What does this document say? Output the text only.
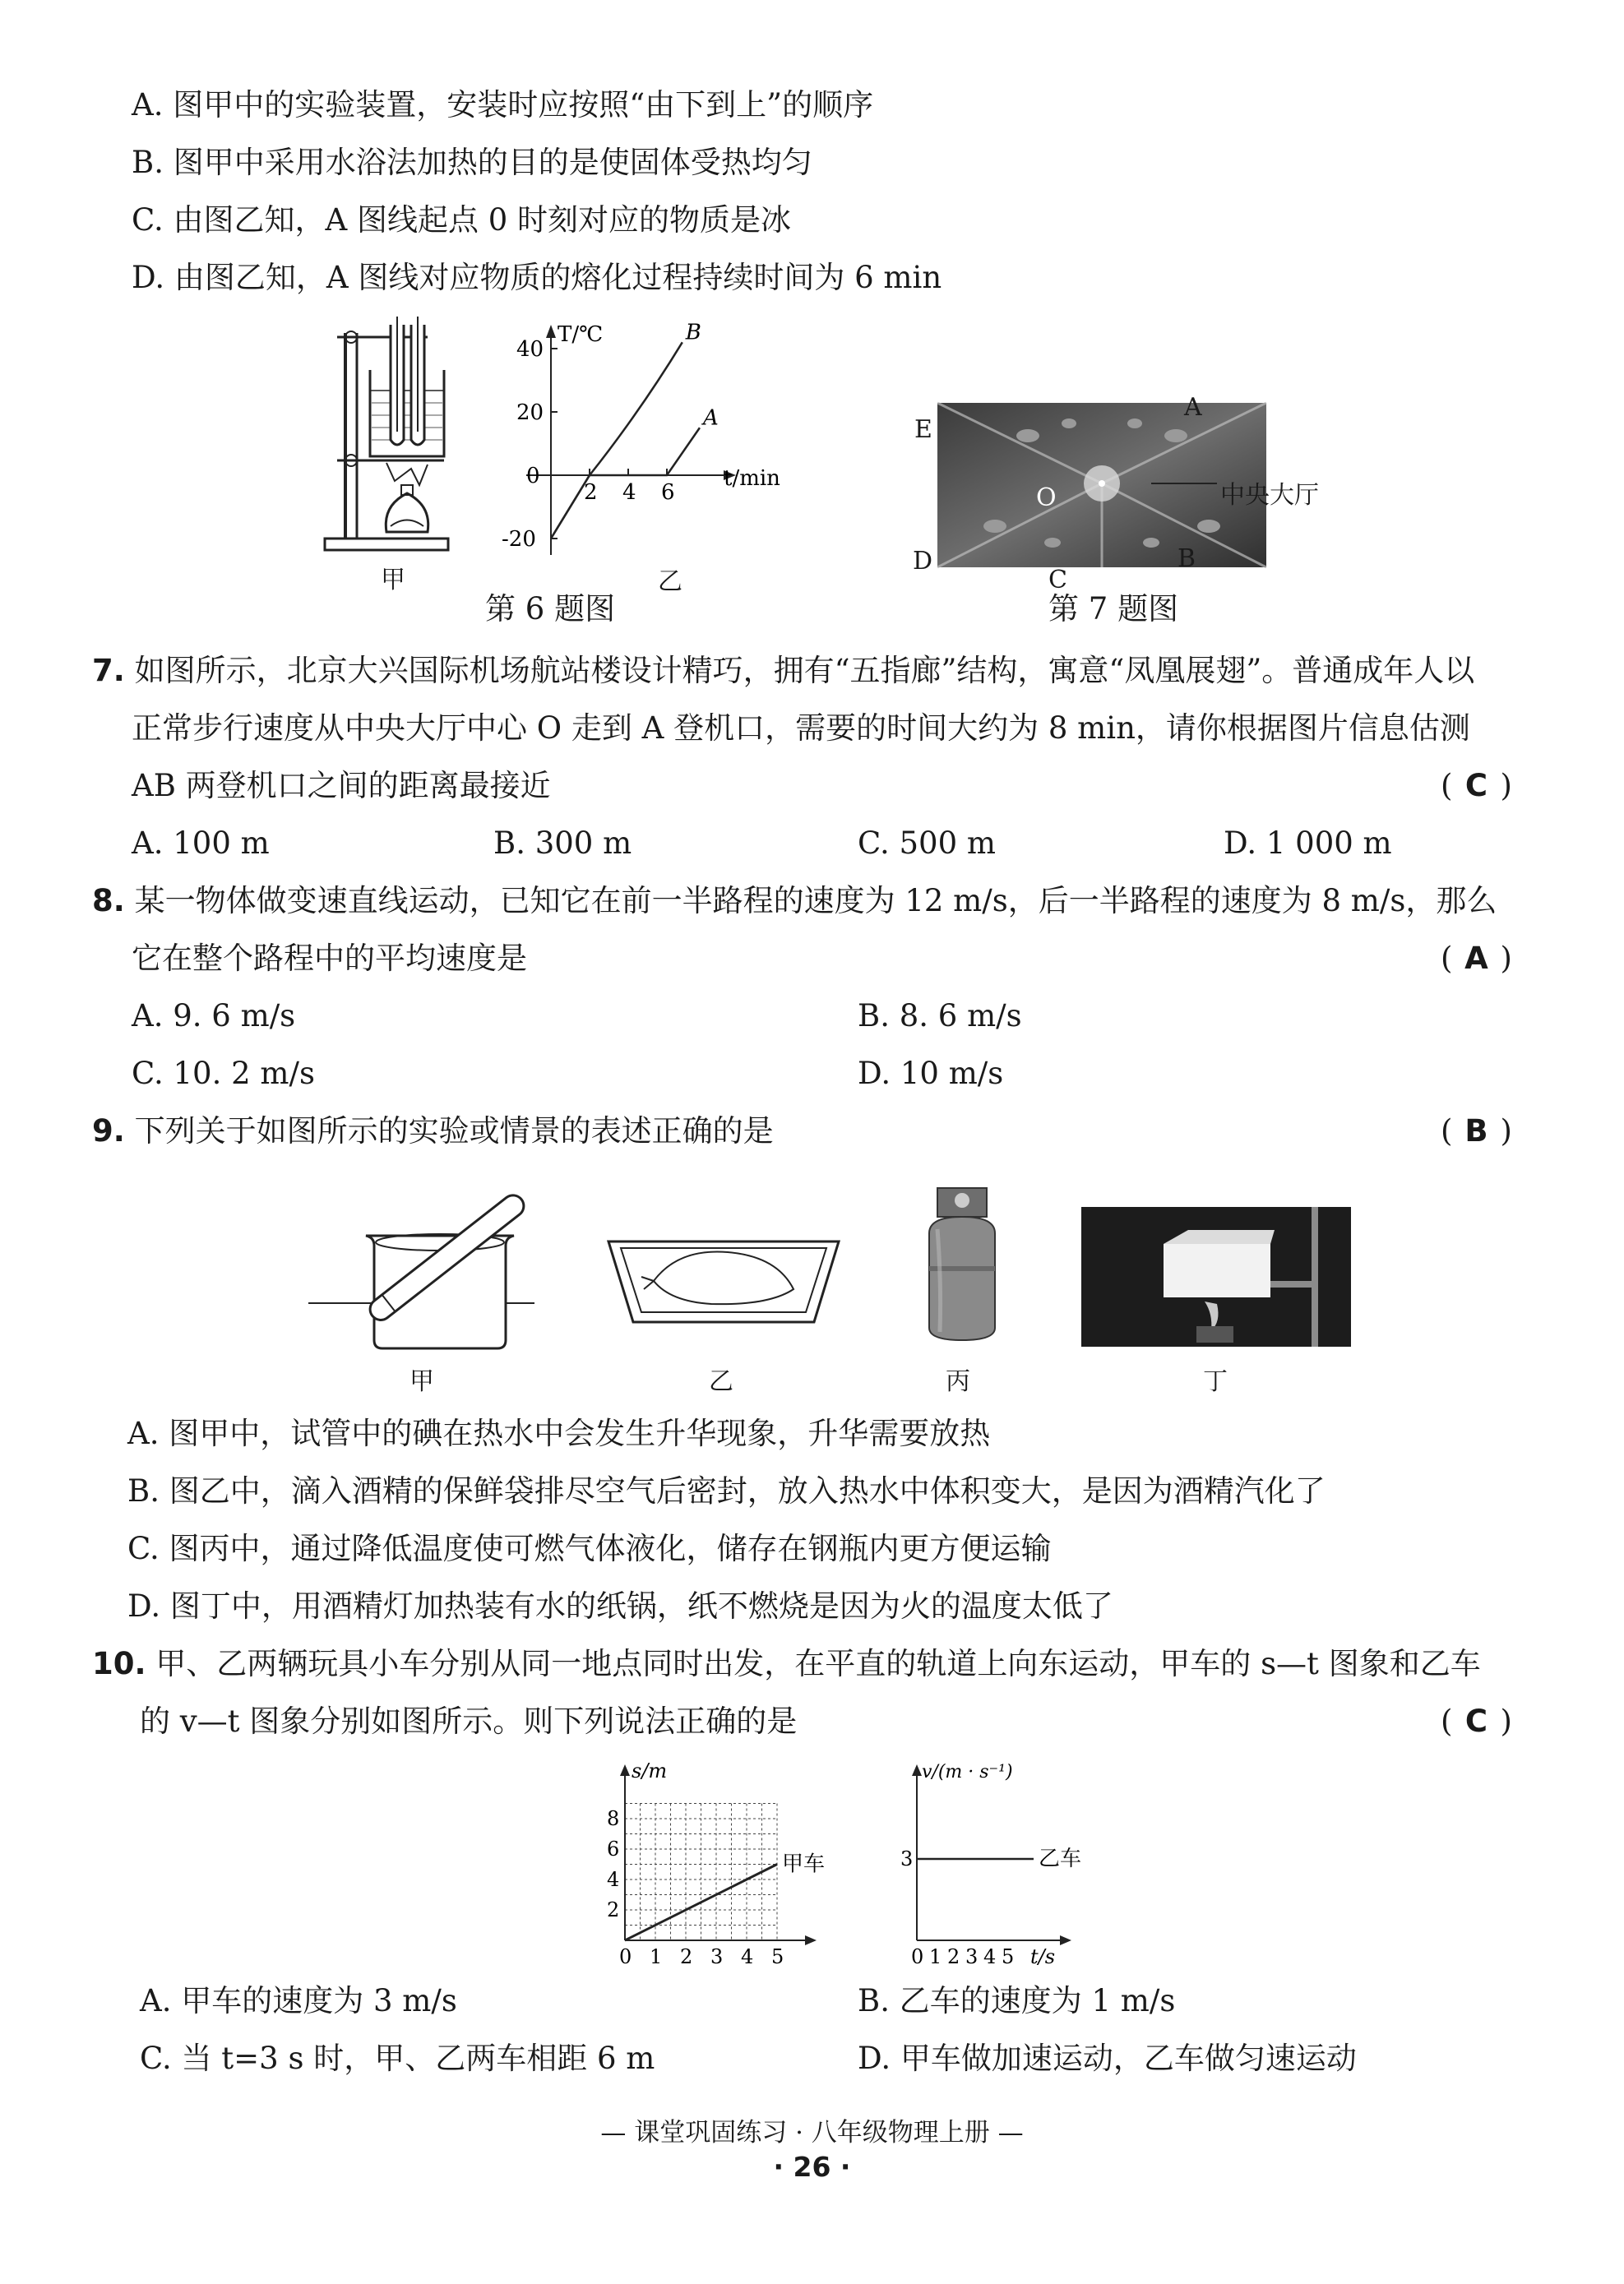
A. 图甲中的实验装置，安装时应按照“由下到上”的顺序
B. 图甲中采用水浴法加热的目的是使固体受热均匀
C. 由图乙知，A 图线起点 0 时刻对应的物质是冰
D. 由图乙知，A 图线对应物质的熔化过程持续时间为 6 min
甲
T/℃
t/min
-20
0
20
40
2 4 6
A
B
乙
第 6 题图
A
B
C
D
E
O	中央大厅
第 7 题图
7. 如图所示，北京大兴国际机场航站楼设计精巧，拥有“五指廊”结构，寓意“凤凰展翅”。普通成年人以
正常步行速度从中央大厅中心 O 走到 A 登机口，需要的时间大约为 8 min，请你根据图片信息估测
AB 两登机口之间的距离最接近	( C )
A. 100 m	B. 300 m	C. 500 m	D. 1 000 m
8. 某一物体做变速直线运动，已知它在前一半路程的速度为 12 m/s，后一半路程的速度为 8 m/s，那么
它在整个路程中的平均速度是	( A )
A. 9. 6 m/s	B. 8. 6 m/s
C. 10. 2 m/s	D. 10 m/s
9. 下列关于如图所示的实验或情景的表述正确的是	( B )
甲	乙	丙	丁
A. 图甲中，试管中的碘在热水中会发生升华现象，升华需要放热
B. 图乙中，滴入酒精的保鲜袋排尽空气后密封，放入热水中体积变大，是因为酒精汽化了
C. 图丙中，通过降低温度使可燃气体液化，储存在钢瓶内更方便运输
D. 图丁中，用酒精灯加热装有水的纸锅，纸不燃烧是因为火的温度太低了
10. 甲、乙两辆玩具小车分别从同一地点同时出发，在平直的轨道上向东运动，甲车的 s—t 图象和乙车
的 v—t 图象分别如图所示。则下列说法正确的是	( C )
s/m
2
4
6
8
0 1 2 3 4 5
甲车
v/(m · s⁻¹)
3
0 1 2 3 4 5 t/s
乙车
A. 甲车的速度为 3 m/s	B. 乙车的速度为 1 m/s
C. 当 t=3 s 时，甲、乙两车相距 6 m	D. 甲车做加速运动，乙车做匀速运动
— 课堂巩固练习 · 八年级物理上册 —
· 26 ·
